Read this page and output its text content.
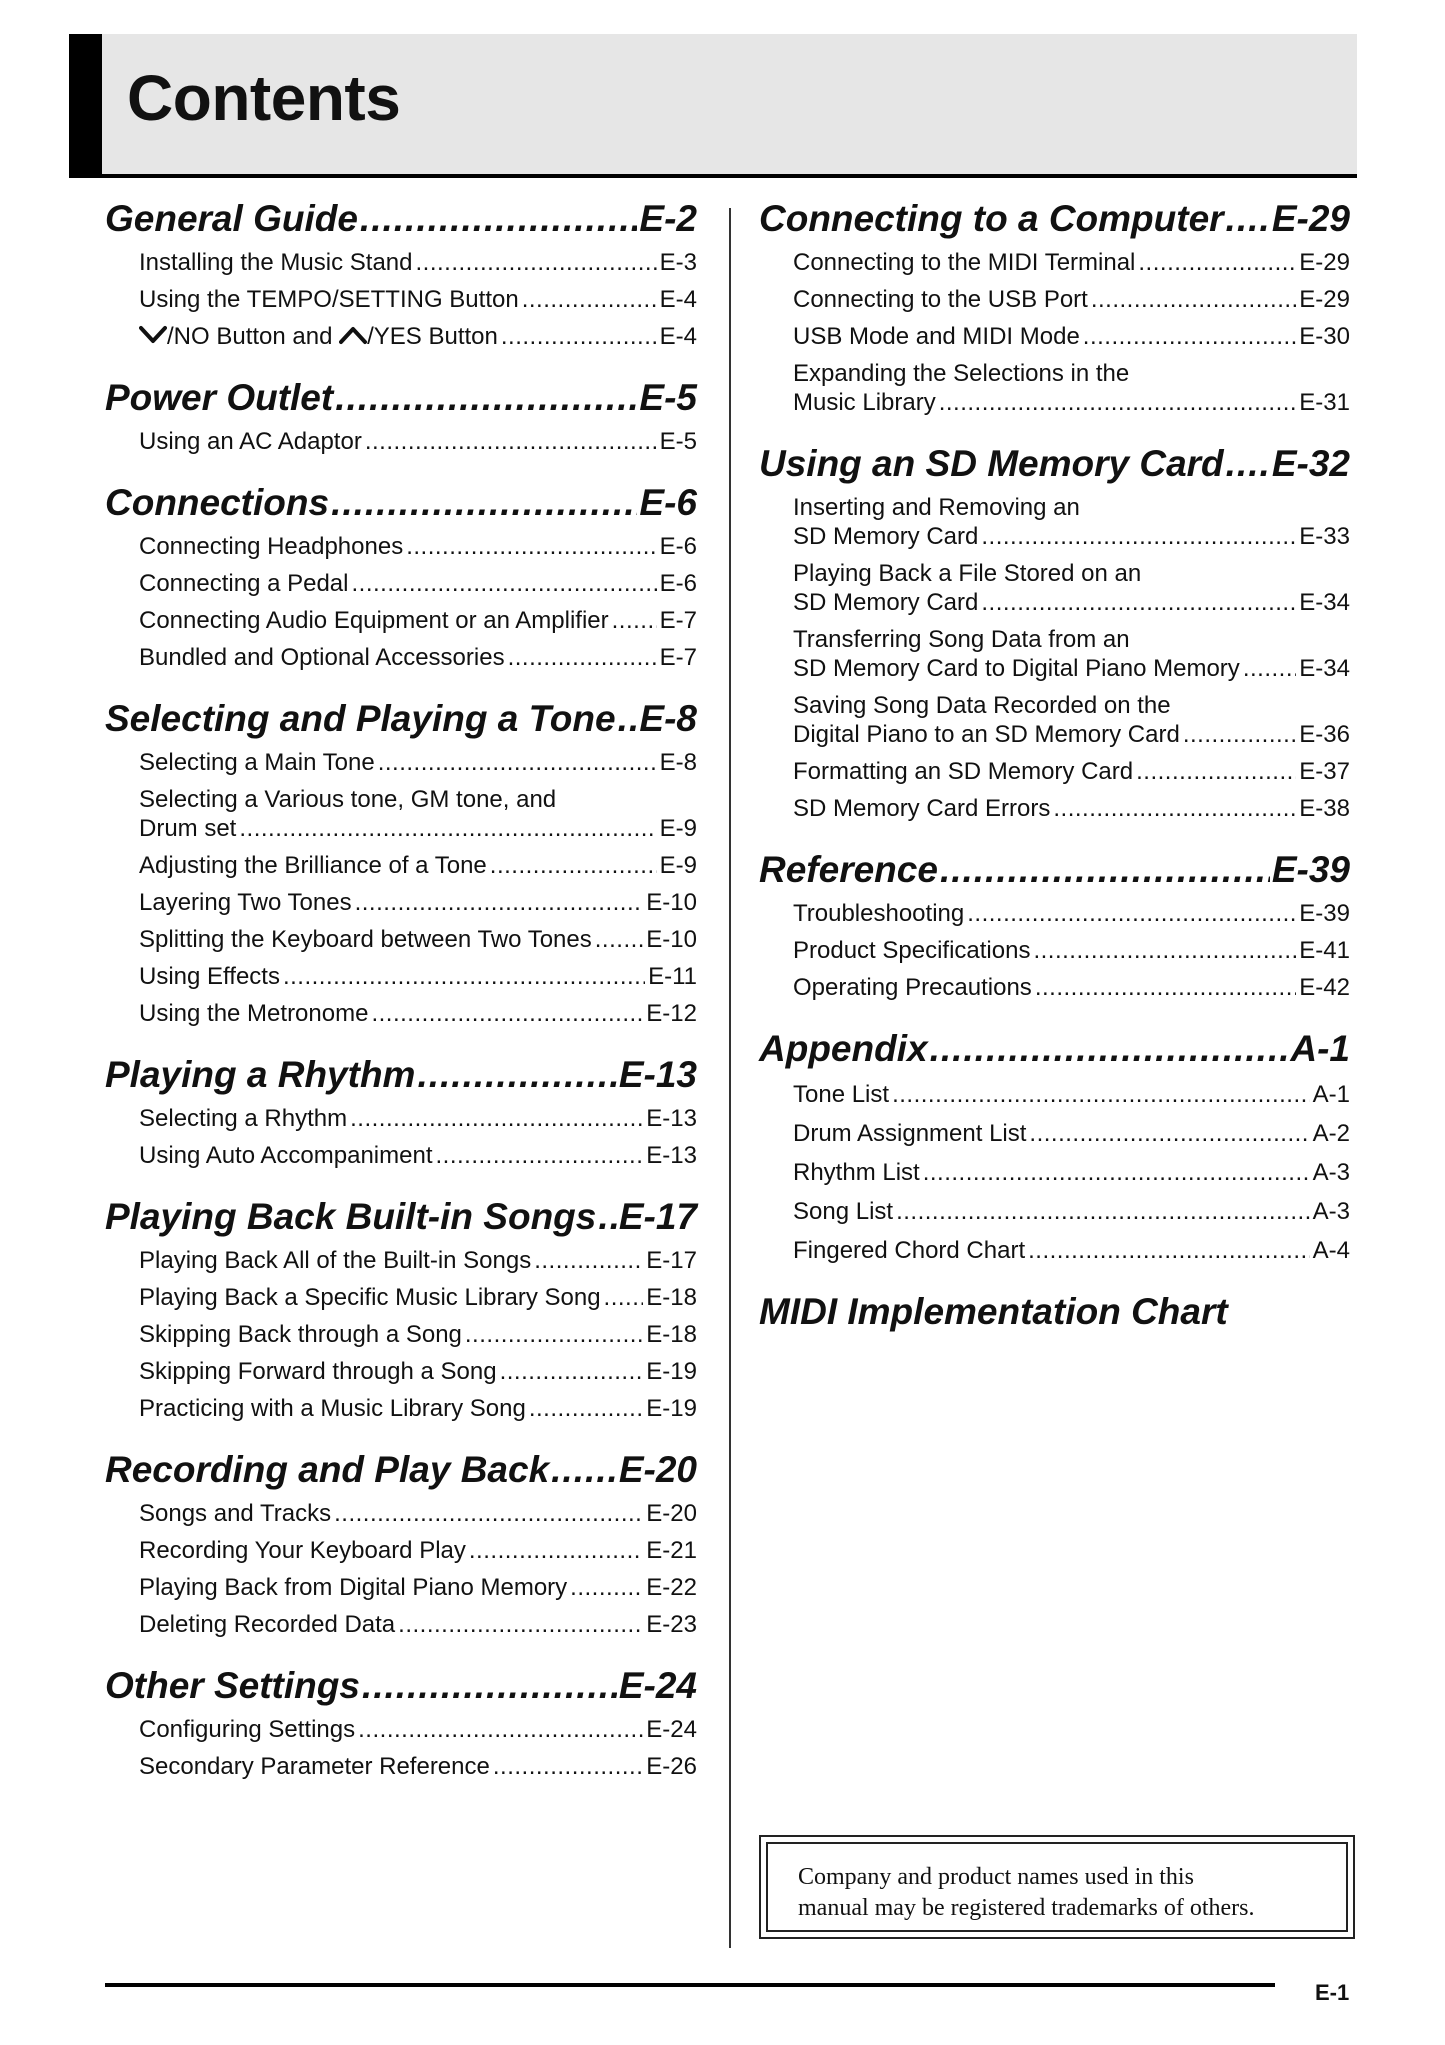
Contents
General Guide .....	E-2
Installing the Music Stand .....	E-3
Using the TEMPO/SETTING Button .....	E-4
/NO Button and /YES Button .....	E-4
Power Outlet .....	E-5
Using an AC Adaptor .....	E-5
Connections .....	E-6
Connecting Headphones .....	E-6
Connecting a Pedal .....	E-6
Connecting Audio Equipment or an Amplifier ..... E-7
Bundled and Optional Accessories .....	E-7
Selecting and Playing a Tone ..... E-8
Selecting a Main Tone .....	E-8
Selecting a Various tone, GM tone, and
Drum set .....	E-9
Adjusting the Brilliance of a Tone .....	E-9
Layering Two Tones .....	E-10
Splitting the Keyboard between Two Tones ..... E-10
Using Effects .....	E-11
Using the Metronome .....	E-12
Playing a Rhythm .....	E-13
Selecting a Rhythm .....	E-13
Using Auto Accompaniment .....	E-13
Playing Back Built-in Songs ..... E-17
Playing Back All of the Built-in Songs .....	E-17
Playing Back a Specific Music Library Song ..... E-18
Skipping Back through a Song .....	E-18
Skipping Forward through a Song .....	E-19
Practicing with a Music Library Song .....	E-19
Recording and Play Back ..... E-20
Songs and Tracks .....	E-20
Recording Your Keyboard Play .....	E-21
Playing Back from Digital Piano Memory .....	E-22
Deleting Recorded Data .....	E-23
Other Settings .....	E-24
Configuring Settings .....	E-24
Secondary Parameter Reference .....	E-26
Connecting to a Computer ..... E-29
Connecting to the MIDI Terminal .....	E-29
Connecting to the USB Port .....	E-29
USB Mode and MIDI Mode .....	E-30
Expanding the Selections in the
Music Library .....	E-31
Using an SD Memory Card ..... E-32
Inserting and Removing an
SD Memory Card .....	E-33
Playing Back a File Stored on an
SD Memory Card .....	E-34
Transferring Song Data from an
SD Memory Card to Digital Piano Memory ..... E-34
Saving Song Data Recorded on the
Digital Piano to an SD Memory Card .....	E-36
Formatting an SD Memory Card .....	E-37
SD Memory Card Errors .....	E-38
Reference .....	E-39
Troubleshooting .....	E-39
Product Specifications .....	E-41
Operating Precautions .....	E-42
Appendix .....	A-1
Tone List .....	A-1
Drum Assignment List .....	A-2
Rhythm List .....	A-3
Song List .....	A-3
Fingered Chord Chart .....	A-4
MIDI Implementation Chart
Company and product names used in this
manual may be registered trademarks of others.
E-1
